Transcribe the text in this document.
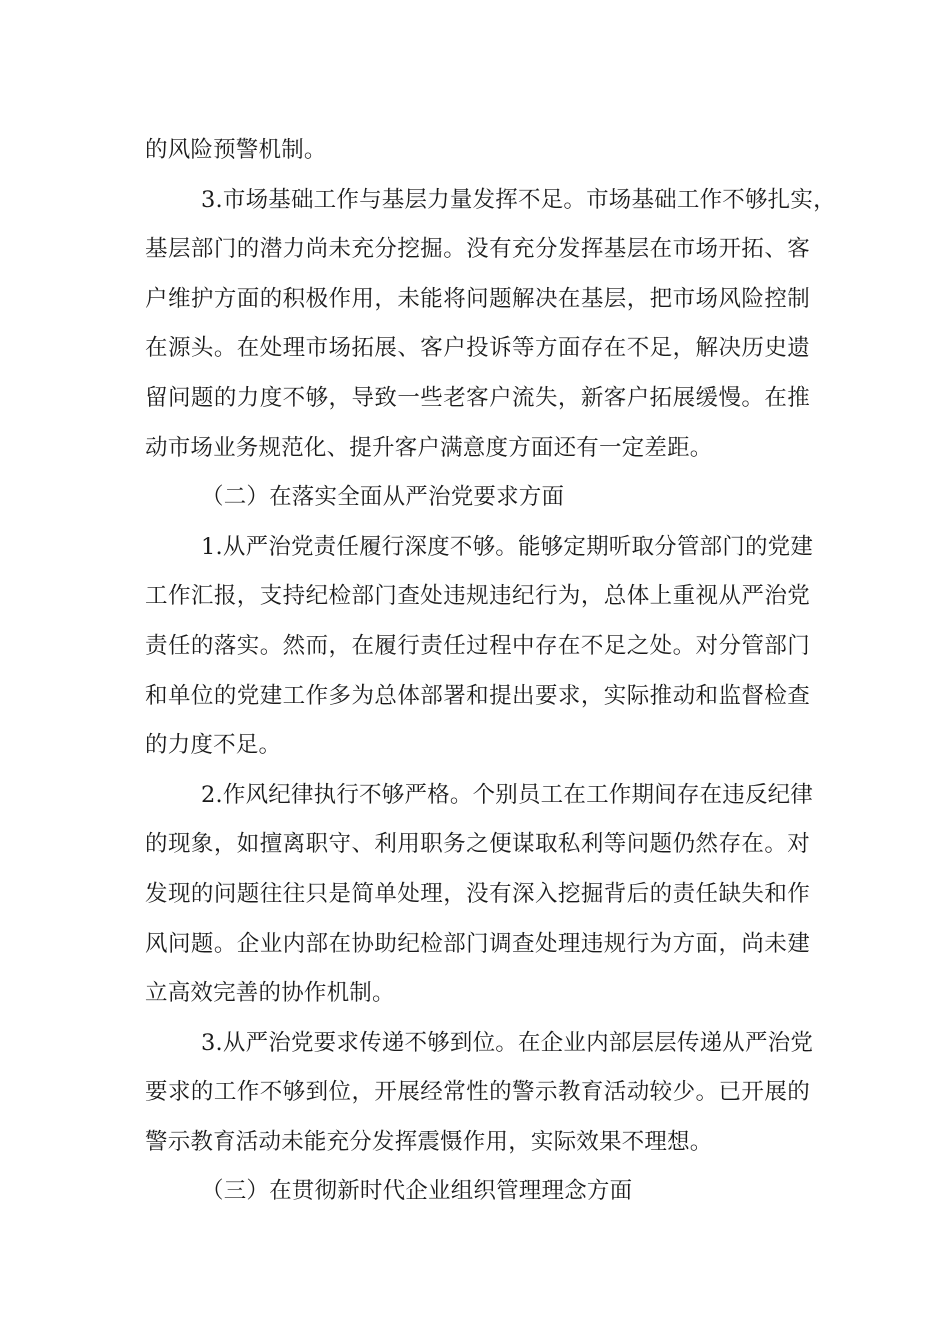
的风险预警机制。
3.市场基础工作与基层力量发挥不足。市场基础工作不够扎实，
基层部门的潜力尚未充分挖掘。没有充分发挥基层在市场开拓、客
户维护方面的积极作用，未能将问题解决在基层，把市场风险控制
在源头。在处理市场拓展、客户投诉等方面存在不足，解决历史遗
留问题的力度不够，导致一些老客户流失，新客户拓展缓慢。在推
动市场业务规范化、提升客户满意度方面还有一定差距。
（二）在落实全面从严治党要求方面
1.从严治党责任履行深度不够。能够定期听取分管部门的党建
工作汇报，支持纪检部门查处违规违纪行为，总体上重视从严治党
责任的落实。然而，在履行责任过程中存在不足之处。对分管部门
和单位的党建工作多为总体部署和提出要求，实际推动和监督检查
的力度不足。
2.作风纪律执行不够严格。个别员工在工作期间存在违反纪律
的现象，如擅离职守、利用职务之便谋取私利等问题仍然存在。对
发现的问题往往只是简单处理，没有深入挖掘背后的责任缺失和作
风问题。企业内部在协助纪检部门调查处理违规行为方面，尚未建
立高效完善的协作机制。
3.从严治党要求传递不够到位。在企业内部层层传递从严治党
要求的工作不够到位，开展经常性的警示教育活动较少。已开展的
警示教育活动未能充分发挥震慑作用，实际效果不理想。
（三）在贯彻新时代企业组织管理理念方面
